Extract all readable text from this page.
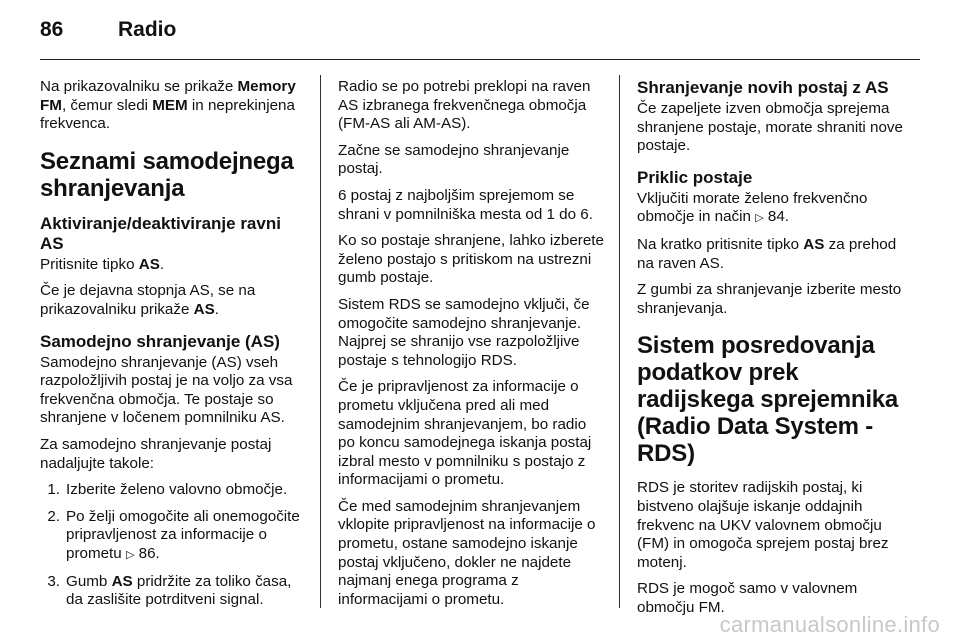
86	Radio

Na prikazovalniku se prikaže Memory FM, čemur sledi MEM in neprekinjena frekvenca.

Seznami samodejnega shranjevanja
Aktiviranje/deaktiviranje ravni AS

Pritisnite tipko AS.

Če je dejavna stopnja AS, se na prikazovalniku prikaže AS.

Samodejno shranjevanje (AS)

Samodejno shranjevanje (AS) vseh razpoložljivih postaj je na voljo za vsa frekvenčna območja. Te postaje so shranjene v ločenem pomnilniku AS.

Za samodejno shranjevanje postaj nadaljujte takole:

1. Izberite želeno valovno območje.
2. Po želji omogočite ali onemogočite pripravljenost za informacije o prometu ▷ 86.
3. Gumb AS pridržite za toliko časa, da zaslišite potrditveni signal.

Radio se po potrebi preklopi na raven AS izbranega frekvenčnega območja (FM-AS ali AM-AS).

Začne se samodejno shranjevanje postaj.

6 postaj z najboljšim sprejemom se shrani v pomnilniška mesta od 1 do 6.

Ko so postaje shranjene, lahko izberete želeno postajo s pritiskom na ustrezni gumb postaje.

Sistem RDS se samodejno vključi, če omogočite samodejno shranjevanje. Najprej se shranijo vse razpoložljive postaje s tehnologijo RDS.

Če je pripravljenost za informacije o prometu vključena pred ali med samodejnim shranjevanjem, bo radio po koncu samodejnega iskanja postaj izbral mesto v pomnilniku s postajo z informacijami o prometu.

Če med samodejnim shranjevanjem vklopite pripravljenost na informacije o prometu, ostane samodejno iskanje postaj vključeno, dokler ne najdete najmanj enega programa z informacijami o prometu.

Shranjevanje novih postaj z AS

Če zapeljete izven območja sprejema shranjene postaje, morate shraniti nove postaje.

Priklic postaje

Vključiti morate želeno frekvenčno območje in način ▷ 84.

Na kratko pritisnite tipko AS za prehod na raven AS.

Z gumbi za shranjevanje izberite mesto shranjevanja.

Sistem posredovanja podatkov prek radijskega sprejemnika (Radio Data System - RDS)

RDS je storitev radijskih postaj, ki bistveno olajšuje iskanje oddajnih frekvenc na UKV valovnem območju (FM) in omogoča sprejem postaj brez motenj.

RDS je mogoč samo v valovnem območju FM.

carmanualsonline.info
